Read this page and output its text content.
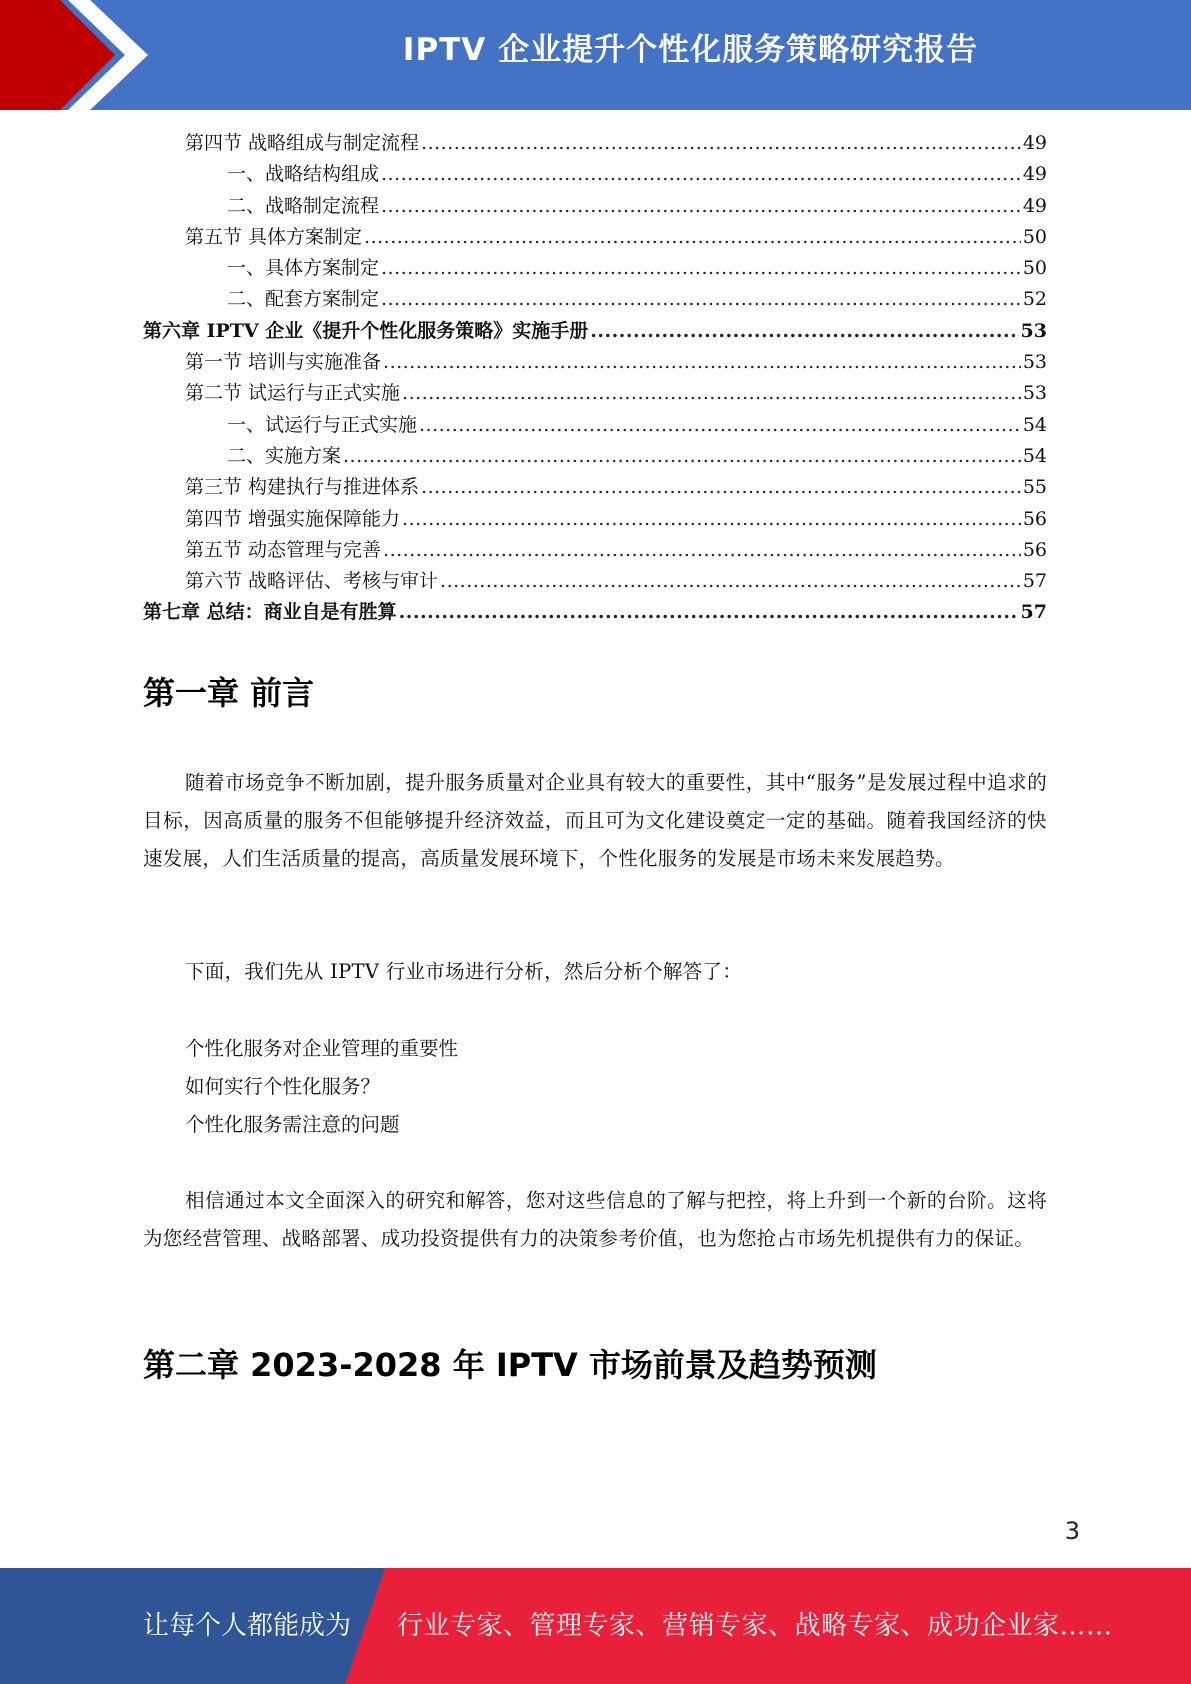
IPTV 企业提升个性化服务策略研究报告
第四节 战略组成与制定流程 .....	49
一、战略结构组成 .....	49
二、战略制定流程 .....	49
第五节 具体方案制定 .....	50
一、具体方案制定 .....	50
二、配套方案制定 .....	52
第六章 IPTV 企业《提升个性化服务策略》实施手册 .....	53
第一节 培训与实施准备 .....	53
第二节 试运行与正式实施 .....	53
一、试运行与正式实施 .....	54
二、实施方案 .....	54
第三节 构建执行与推进体系 .....	55
第四节 增强实施保障能力 .....	56
第五节 动态管理与完善 .....	56
第六节 战略评估、考核与审计 .....	57
第七章 总结：商业自是有胜算 .....	57
第一章 前言
随着市场竞争不断加剧，提升服务质量对企业具有较大的重要性，其中“服务”是发展过程中追求的目标，因高质量的服务不但能够提升经济效益，而且可为文化建设奠定一定的基础。随着我国经济的快速发展，人们生活质量的提高，高质量发展环境下，个性化服务的发展是市场未来发展趋势。
下面，我们先从 IPTV 行业市场进行分析，然后分析个解答了：
个性化服务对企业管理的重要性
如何实行个性化服务？
个性化服务需注意的问题
相信通过本文全面深入的研究和解答，您对这些信息的了解与把控，将上升到一个新的台阶。这将为您经营管理、战略部署、成功投资提供有力的决策参考价值，也为您抢占市场先机提供有力的保证。
第二章 2023-2028 年 IPTV 市场前景及趋势预测
3
让每个人都能成为 行业专家、管理专家、营销专家、战略专家、成功企业家……
